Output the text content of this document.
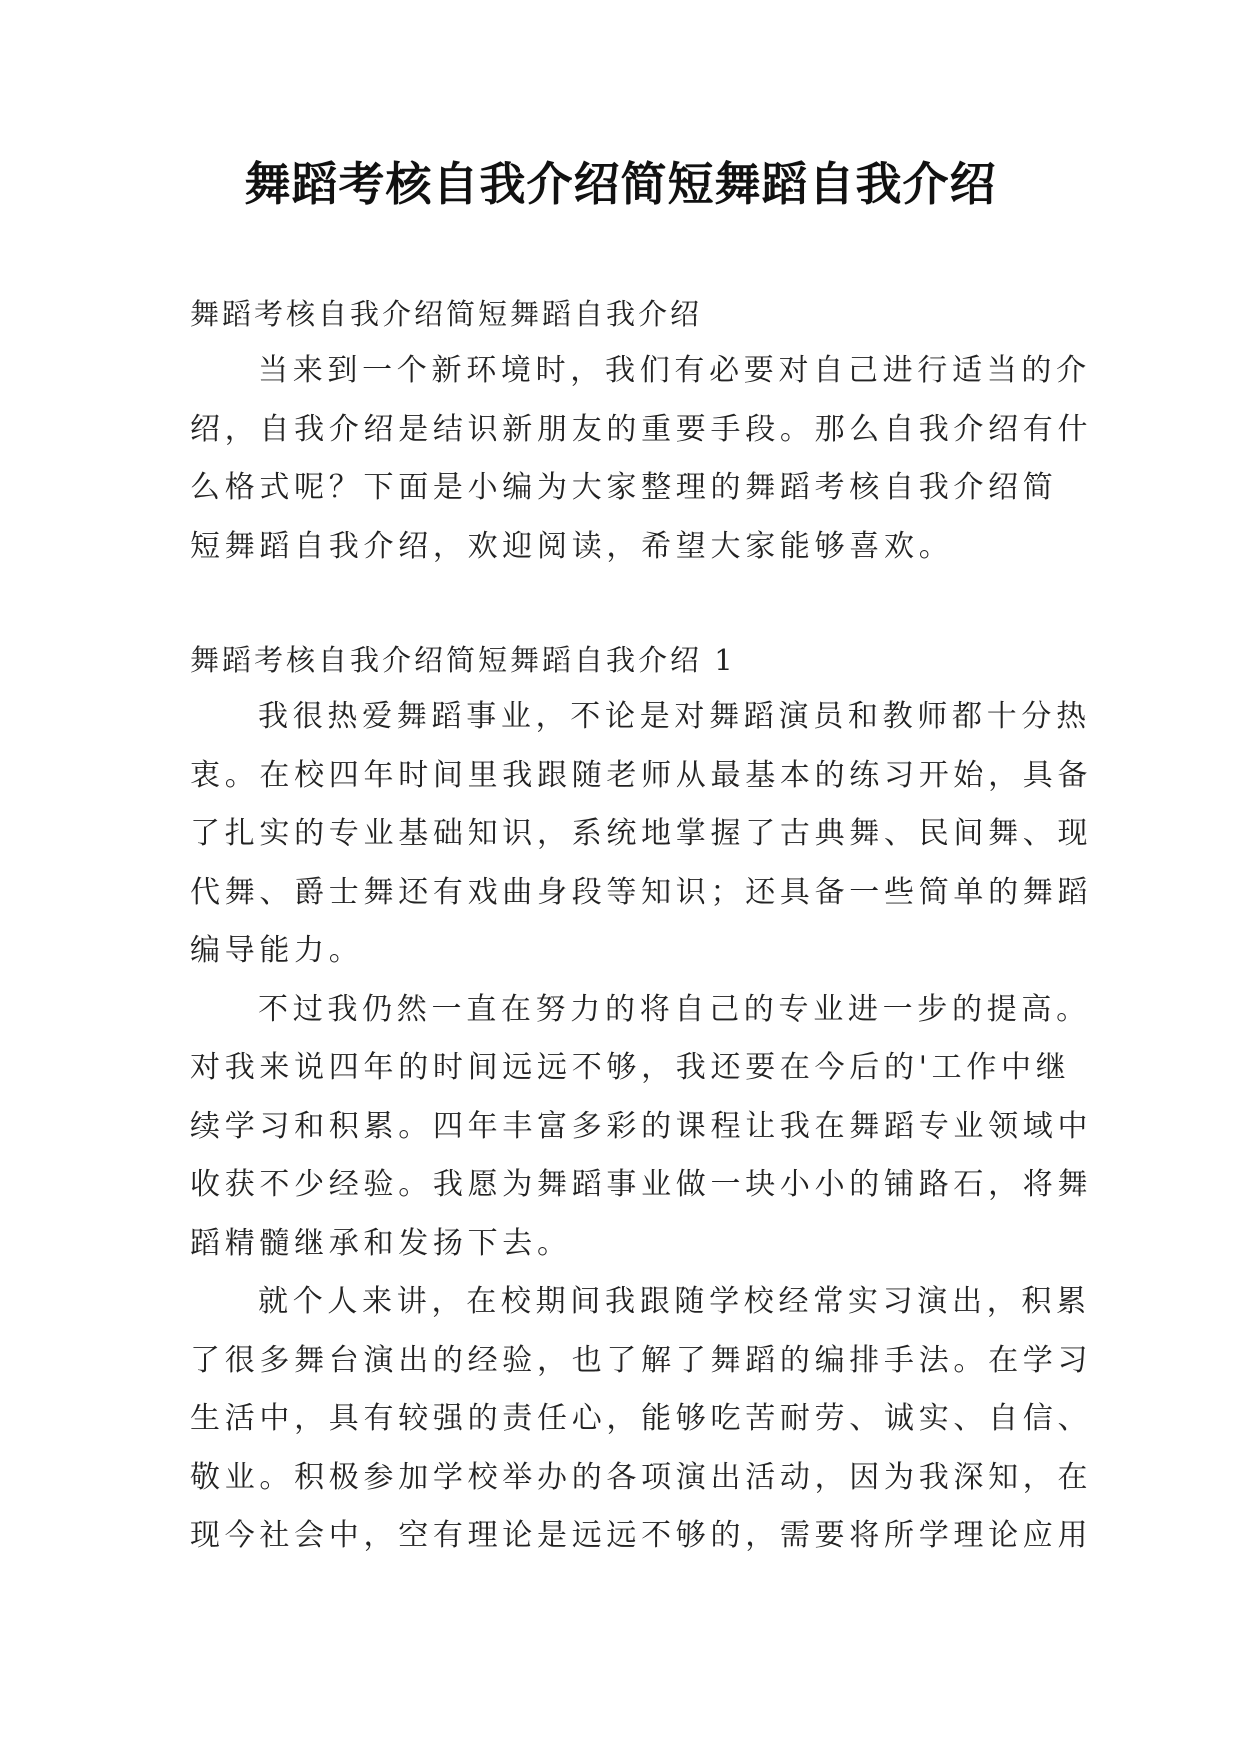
舞蹈考核自我介绍简短舞蹈自我介绍

舞蹈考核自我介绍简短舞蹈自我介绍

当来到一个新环境时，我们有必要对自己进行适当的介
绍，自我介绍是结识新朋友的重要手段。那么自我介绍有什
么格式呢？下面是小编为大家整理的舞蹈考核自我介绍简
短舞蹈自我介绍，欢迎阅读，希望大家能够喜欢。

舞蹈考核自我介绍简短舞蹈自我介绍 1

我很热爱舞蹈事业，不论是对舞蹈演员和教师都十分热
衷。在校四年时间里我跟随老师从最基本的练习开始，具备
了扎实的专业基础知识，系统地掌握了古典舞、民间舞、现
代舞、爵士舞还有戏曲身段等知识；还具备一些简单的舞蹈
编导能力。

不过我仍然一直在努力的将自己的专业进一步的提高。
对我来说四年的时间远远不够，我还要在今后的'工作中继
续学习和积累。四年丰富多彩的课程让我在舞蹈专业领域中
收获不少经验。我愿为舞蹈事业做一块小小的铺路石，将舞
蹈精髓继承和发扬下去。

就个人来讲，在校期间我跟随学校经常实习演出，积累
了很多舞台演出的经验，也了解了舞蹈的编排手法。在学习
生活中，具有较强的责任心，能够吃苦耐劳、诚实、自信、
敬业。积极参加学校举办的各项演出活动，因为我深知，在
现今社会中，空有理论是远远不够的，需要将所学理论应用
